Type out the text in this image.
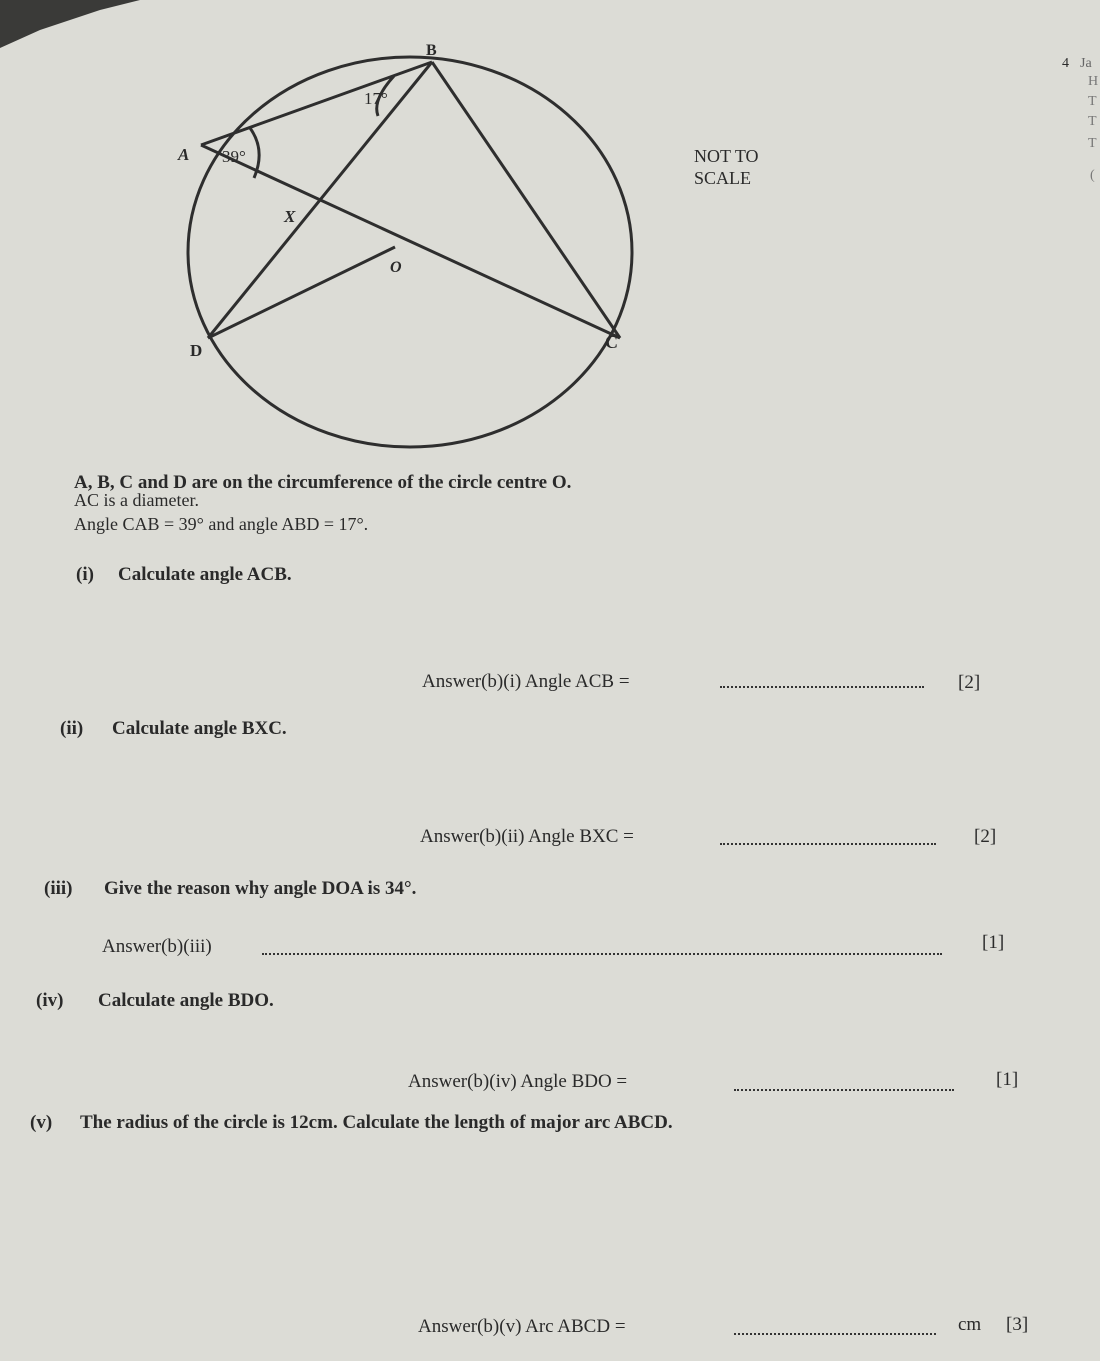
4 Ja
H
T
T
T
(
B
A
X
O
C
D
17°
39°	NOT TO
SCALE
A, B, C and D are on the circumference of the circle centre O.
AC is a diameter.
Angle CAB = 39° and angle ABD = 17°.
(i) Calculate angle ACB.
Answer(b)(i) Angle ACB =	[2]
(ii) Calculate angle BXC.
Answer(b)(ii) Angle BXC =	[2]
(iii) Give the reason why angle DOA is 34°.
Answer(b)(iii)	[1]
(iv) Calculate angle BDO.
Answer(b)(iv) Angle BDO =	[1]
(v) The radius of the circle is 12cm. Calculate the length of major arc ABCD.
Answer(b)(v) Arc ABCD =	cm [3]
